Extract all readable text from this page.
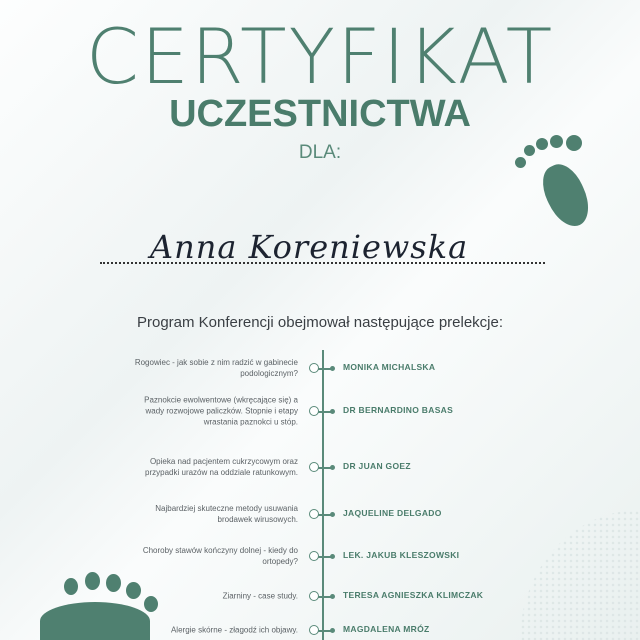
CERTYFIKAT
UCZESTNICTWA
DLA:
Anna Koreniewska
Program Konferencji obejmował następujące prelekcje:
Rogowiec - jak sobie z nim radzić w gabinecie podologicznym?
MONIKA MICHALSKA
Paznokcie ewolwentowe (wkręcające się) a wady rozwojowe paliczków. Stopnie i etapy wrastania paznokci u stóp.
DR BERNARDINO BASAS
Opieka nad pacjentem cukrzycowym oraz przypadki urazów na oddziale ratunkowym.
DR JUAN GOEZ
Najbardziej skuteczne metody usuwania brodawek wirusowych.
JAQUELINE DELGADO
Choroby stawów kończyny dolnej - kiedy do ortopedy?
LEK. JAKUB KLESZOWSKI
Ziarniny - case study.	TERESA AGNIESZKA KLIMCZAK
Alergie skórne - złagodź ich objawy.	MAGDALENA MRÓZ
